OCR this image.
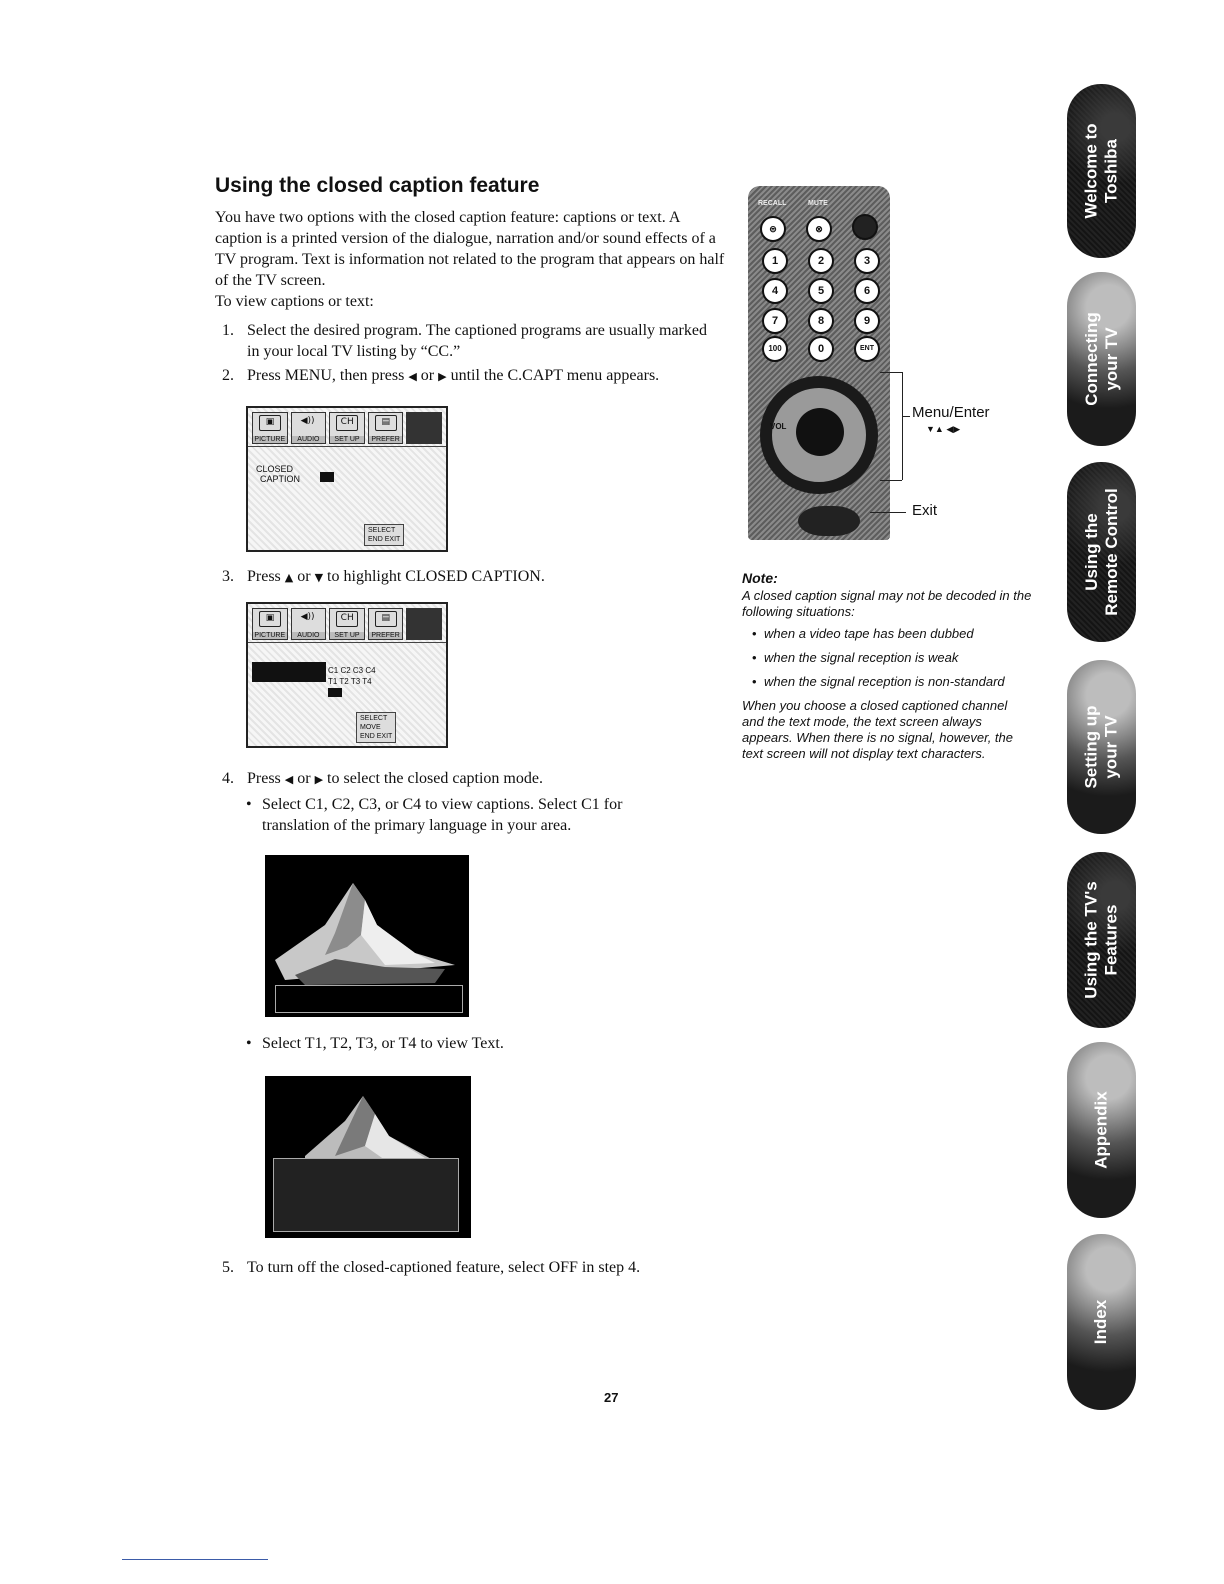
Using the closed caption feature

You have two options with the closed caption feature: captions or text. A caption is a printed version of the dialogue, narration and/or sound effects of a TV program. Text is information not related to the program that appears on half of the TV screen.

To view captions or text:
1. Select the desired program. The captioned programs are usually marked in your local TV listing by “CC.”
2. Press MENU, then press ◀ or ▶ until the C.CAPT menu appears.
▣
PICTURE
◀))
AUDIO
CH
SET UP
▤
PREFER
CLOSED
CAPTION
SELECT
END EXIT
3. Press ▲ or ▼ to highlight CLOSED CAPTION.
▣
PICTURE
◀))
AUDIO
CH
SET UP
▤
PREFER
C1 C2 C3 C4
T1 T2 T3 T4
SELECT
MOVE
END EXIT
4. Press ◀ or ▶ to select the closed caption mode.
• Select C1, C2, C3, or C4 to view captions. Select C1 for translation of the primary language in your area.
• Select T1, T2, T3, or T4 to view Text.
5. To turn off the closed-captioned feature, select OFF in step 4.
RECALL	MUTE
⊜	⊗
1	2	3
4	5	6
7	8	9
100	0	ENT
VOL
Menu/Enter
▼▲ ◀▶
Exit
Note:
A closed caption signal may not be decoded in the following situations:
• when a video tape has been dubbed
• when the signal reception is weak
• when the signal reception is non-standard
When you choose a closed captioned channel and the text mode, the text screen always appears. When there is no signal, however, the text screen will not display text characters.
Welcome to Toshiba
Connecting your TV
Using the Remote Control
Setting up your TV
Using the TV's Features
Appendix
Index
27
